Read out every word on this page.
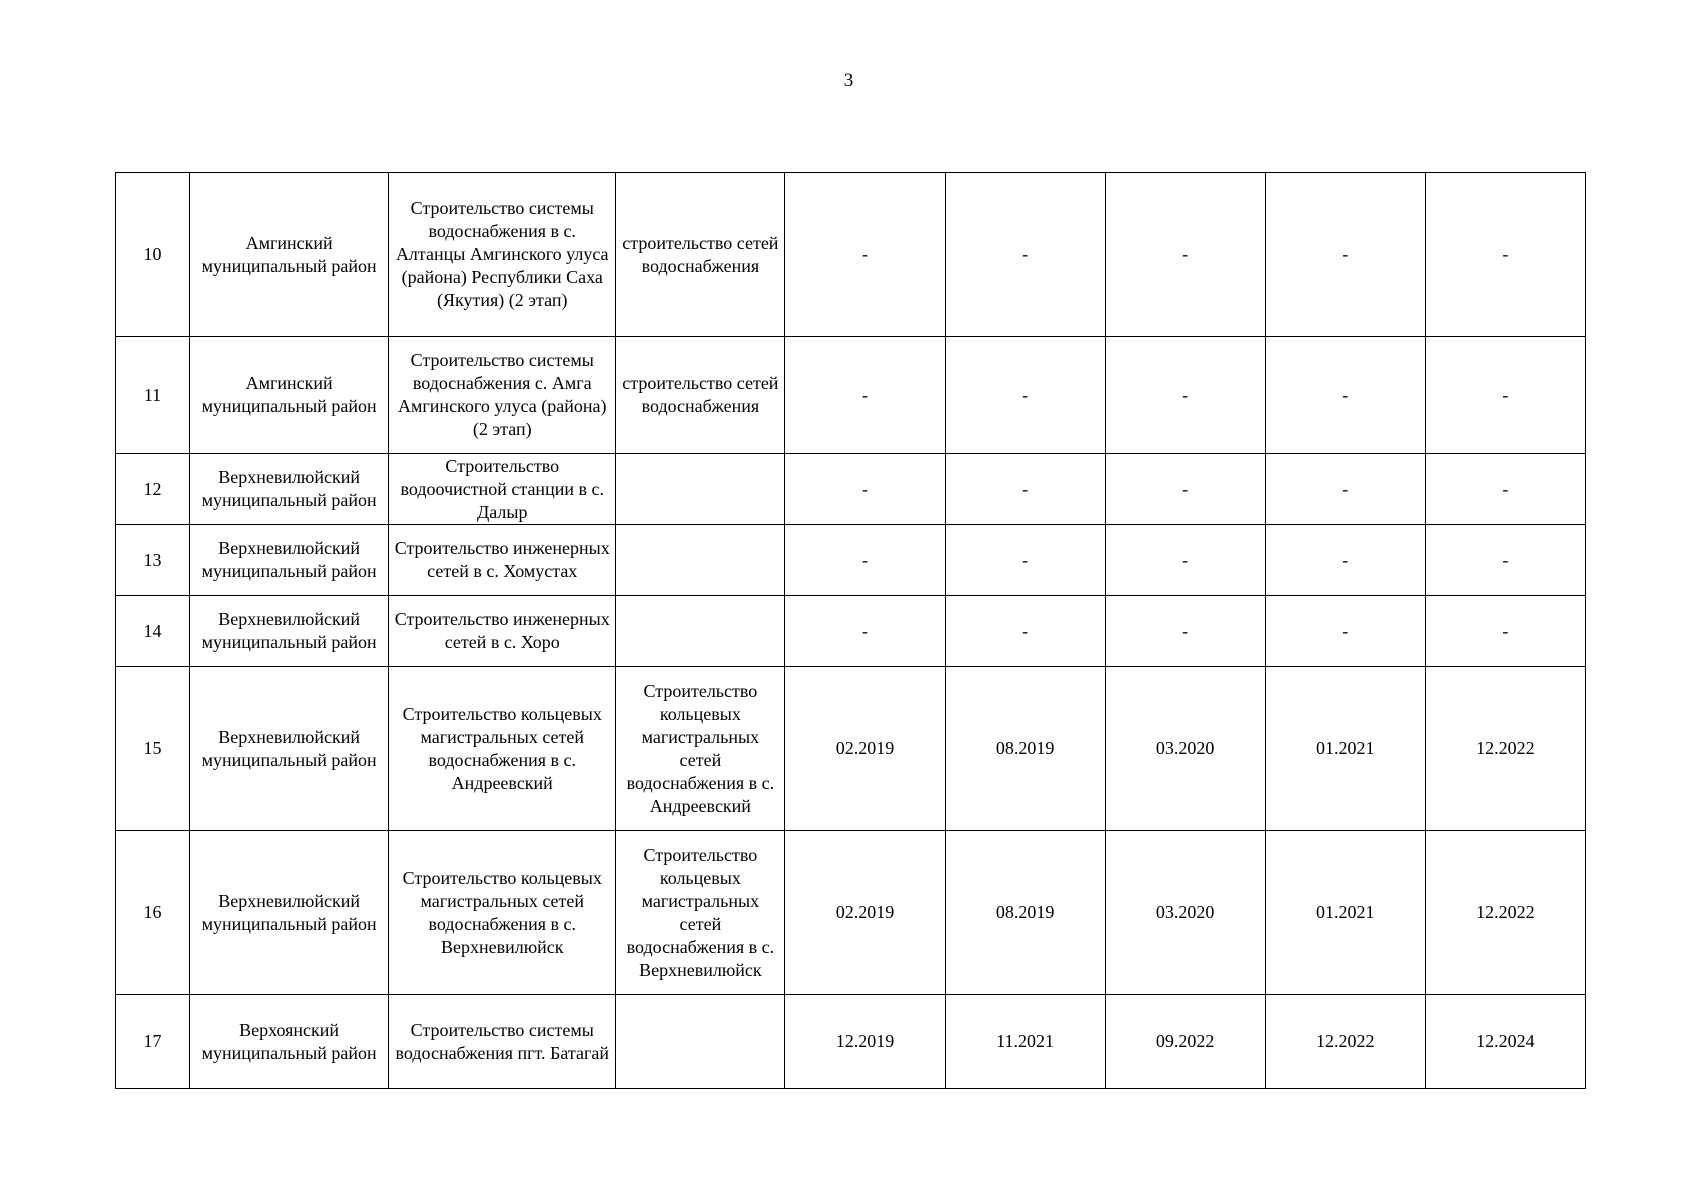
3
10	Амгинский муниципальный район	Строительство системы водоснабжения в с. Алтанцы Амгинского улуса (района) Республики Саха (Якутия) (2 этап)	строительство сетей водоснабжения	-	-	-	-	-
11	Амгинский муниципальный район	Строительство системы водоснабжения с. Амга Амгинского улуса (района) (2 этап)	строительство сетей водоснабжения	-	-	-	-	-
12	Верхневилюйский муниципальный район	Строительство водоочистной станции в с. Далыр		-	-	-	-	-
13	Верхневилюйский муниципальный район	Строительство инженерных сетей в с. Хомустах		-	-	-	-	-
14	Верхневилюйский муниципальный район	Строительство инженерных сетей в с. Хоро		-	-	-	-	-
15	Верхневилюйский муниципальный район	Строительство кольцевых магистральных сетей водоснабжения в с. Андреевский	Строительство кольцевых магистральных сетей водоснабжения в с. Андреевский	02.2019	08.2019	03.2020	01.2021	12.2022
16	Верхневилюйский муниципальный район	Строительство кольцевых магистральных сетей водоснабжения в с. Верхневилюйск	Строительство кольцевых магистральных сетей водоснабжения в с. Верхневилюйск	02.2019	08.2019	03.2020	01.2021	12.2022
17	Верхоянский муниципальный район	Строительство системы водоснабжения пгт. Батагай		12.2019	11.2021	09.2022	12.2022	12.2024
